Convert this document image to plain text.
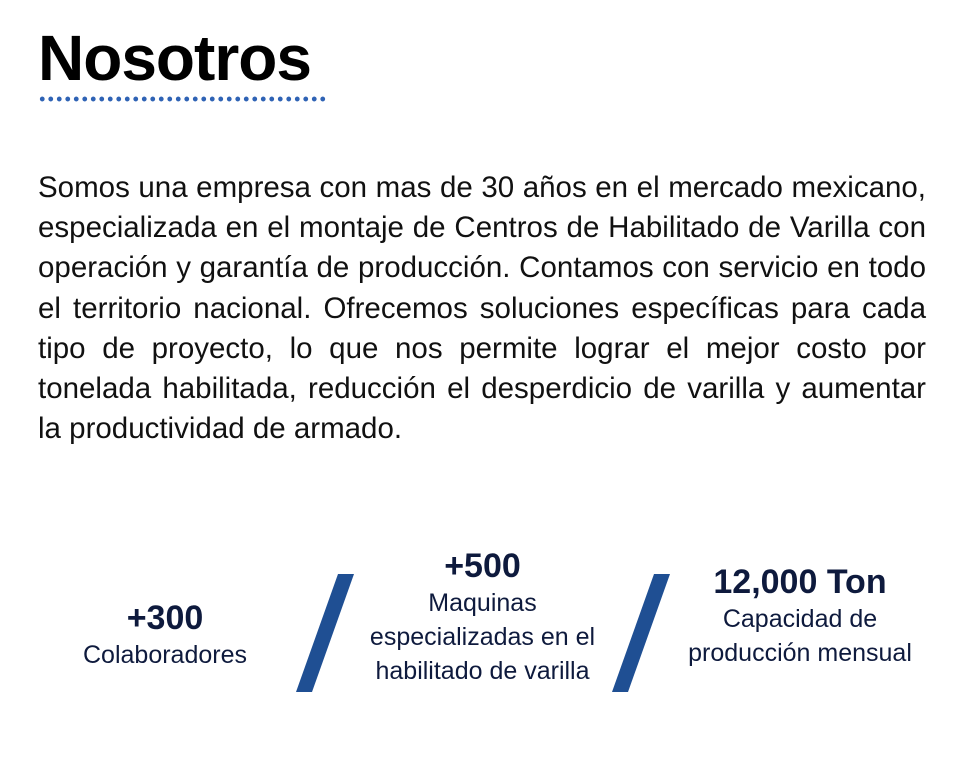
Nosotros

Somos una empresa con mas de 30 años en el mercado mexicano, especializada en el montaje de Centros de Habilitado de Varilla con operación y garantía de producción. Contamos con servicio en todo el territorio nacional. Ofrecemos soluciones específicas para cada tipo de proyecto, lo que nos permite lograr el mejor costo por tonelada habilitada, reducción el desperdicio de varilla y aumentar la productividad de armado.

+300
Colaboradores
+500
Maquinas especializadas en el habilitado de varilla
12,000 Ton
Capacidad de producción mensual
